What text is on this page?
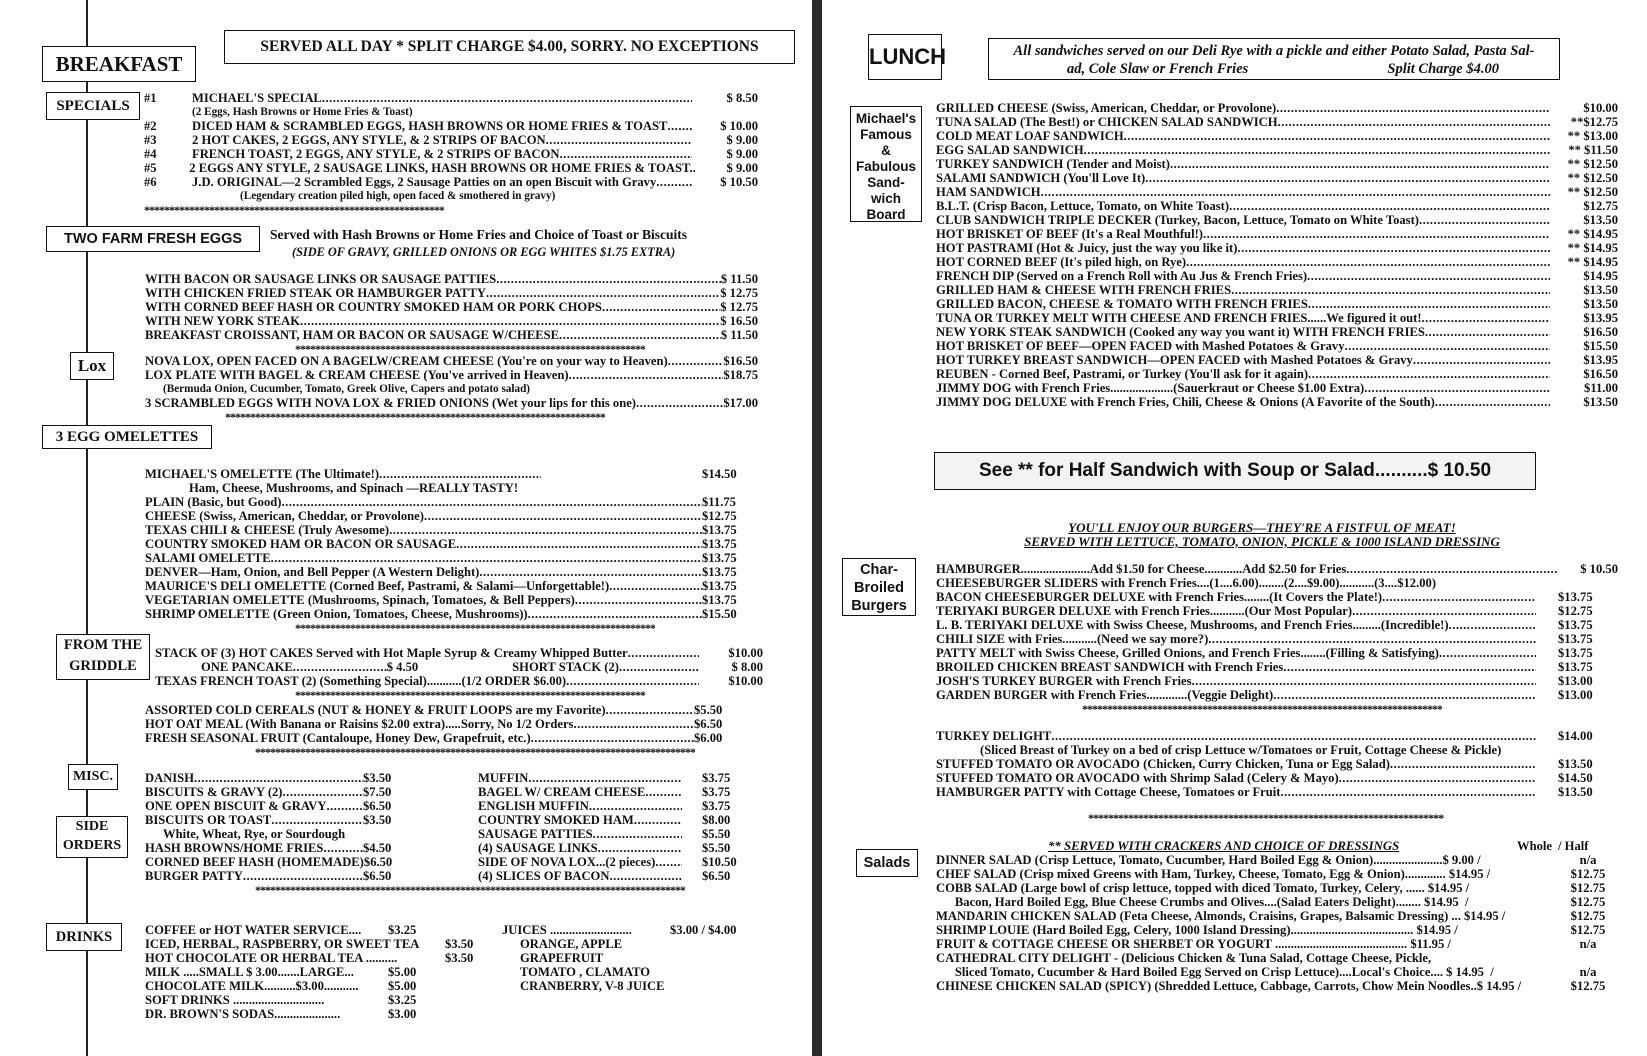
BREAKFAST
SERVED ALL DAY * SPLIT CHARGE $4.00, SORRY. NO EXCEPTIONS
SPECIALS	#1	MICHAEL'S SPECIAL .....	$ 8.50
(2 Eggs, Hash Browns or Home Fries & Toast)
#2	DICED HAM & SCRAMBLED EGGS, HASH BROWNS OR HOME FRIES & TOAST .....	$ 10.00
#3	2 HOT CAKES, 2 EGGS, ANY STYLE, & 2 STRIPS OF BACON .....	$ 9.00
#4	FRENCH TOAST, 2 EGGS, ANY STYLE, & 2 STRIPS OF BACON .....	$ 9.00
#5	2 EGGS ANY STYLE, 2 SAUSAGE LINKS, HASH BROWNS OR HOME FRIES & TOAST..	$ 9.00
#6	J.D. ORIGINAL—2 Scrambled Eggs, 2 Sausage Patties on an open Biscuit with Gravy .....	$ 10.50
(Legendary creation piled high, open faced & smothered in gravy)
*****
TWO FARM FRESH EGGS	Served with Hash Browns or Home Fries and Choice of Toast or Biscuits
(SIDE OF GRAVY, GRILLED ONIONS OR EGG WHITES $1.75 EXTRA)
WITH BACON OR SAUSAGE LINKS OR SAUSAGE PATTIES .....	$ 11.50
WITH CHICKEN FRIED STEAK OR HAMBURGER PATTY .....	$ 12.75
WITH CORNED BEEF HASH OR COUNTRY SMOKED HAM OR PORK CHOPS .....	$ 12.75
WITH NEW YORK STEAK .....	$ 16.50
BREAKFAST CROISSANT, HAM OR BACON OR SAUSAGE W/CHEESE .....	$ 11.50
*****
Lox	NOVA LOX, OPEN FACED ON A BAGELW/CREAM CHEESE (You're on your way to Heaven) .....	$16.50
LOX PLATE WITH BAGEL & CREAM CHEESE (You've arrived in Heaven) .....	$18.75
(Bermuda Onion, Cucumber, Tomato, Greek Olive, Capers and potato salad)
3 SCRAMBLED EGGS WITH NOVA LOX & FRIED ONIONS (Wet your lips for this one) .....	$17.00
*****
3 EGG OMELETTES
MICHAEL'S OMELETTE (The Ultimate!) .....	$14.50
Ham, Cheese, Mushrooms, and Spinach —REALLY TASTY!
PLAIN (Basic, but Good) .....	$11.75
CHEESE (Swiss, American, Cheddar, or Provolone) .....	$12.75
TEXAS CHILI & CHEESE (Truly Awesome) .....	$13.75
COUNTRY SMOKED HAM OR BACON OR SAUSAGE .....	$13.75
SALAMI OMELETTE .....	$13.75
DENVER—Ham, Onion, and Bell Pepper (A Western Delight) .....	$13.75
MAURICE'S DELI OMELETTE (Corned Beef, Pastrami, & Salami—Unforgettable!) .....	$13.75
VEGETARIAN OMELETTE (Mushrooms, Spinach, Tomatoes, & Bell Peppers) .....	$13.75
SHRIMP OMELETTE (Green Onion, Tomatoes, Cheese, Mushrooms)) .....	$15.50
*****
FROM THE
GRIDDLE
STACK OF (3) HOT CAKES Served with Hot Maple Syrup & Creamy Whipped Butter .....	$10.00
ONE PANCAKE .....	$ 4.50	SHORT STACK (2) .....	$ 8.00
TEXAS FRENCH TOAST (2) (Something Special)...........(1/2 ORDER $6.00) .....	$10.00
*****
ASSORTED COLD CEREALS (NUT & HONEY & FRUIT LOOPS are my Favorite) .....	$5.50
HOT OAT MEAL (With Banana or Raisins $2.00 extra).....Sorry, No 1/2 Orders .....	$6.50
FRESH SEASONAL FRUIT (Cantaloupe, Honey Dew, Grapefruit, etc.) .....	$6.00
*****
MISC.
SIDE
ORDERS
DANISH .....	$3.50
BISCUITS & GRAVY (2) .....	$7.50
ONE OPEN BISCUIT & GRAVY .....	$6.50
BISCUITS OR TOAST .....	$3.50
White, Wheat, Rye, or Sourdough
HASH BROWNS/HOME FRIES .....	$4.50
CORNED BEEF HASH (HOMEMADE) $6.50
BURGER PATTY .....	$6.50
MUFFIN .....	$3.75
BAGEL W/ CREAM CHEESE .....	$3.75
ENGLISH MUFFIN .....	$3.75
COUNTRY SMOKED HAM .....	$8.00
SAUSAGE PATTIES .....	$5.50
(4) SAUSAGE LINKS .....	$5.50
SIDE OF NOVA LOX...(2 pieces) .....	$10.50
(4) SLICES OF BACON .....	$6.50
*****
DRINKS	COFFEE or HOT WATER SERVICE....	$3.25
ICED, HERBAL, RASPBERRY, OR SWEET TEA	$3.50
HOT CHOCOLATE OR HERBAL TEA ..........	$3.50
MILK .....SMALL $ 3.00.......LARGE...	$5.00
CHOCOLATE MILK..........$3.00...........	$5.00
SOFT DRINKS .............................	$3.25
DR. BROWN'S SODAS.....................	$3.00
JUICES ..........................	$3.00 / $4.00
ORANGE, APPLE
GRAPEFRUIT
TOMATO , CLAMATO
CRANBERRY, V-8 JUICE
LUNCH	All sandwiches served on our Deli Rye with a pickle and either Potato Salad, Pasta Sal-
ad, Cole Slaw or French Fries	Split Charge $4.00
Michael's
Famous
&
Fabulous
Sand-
wich
Board
GRILLED CHEESE (Swiss, American, Cheddar, or Provolone) .....	$10.00
TUNA SALAD (The Best!) or CHICKEN SALAD SANDWICH .....	**$12.75
COLD MEAT LOAF SANDWICH .....	** $13.00
EGG SALAD SANDWICH .....	** $11.50
TURKEY SANDWICH (Tender and Moist) .....	** $12.50
SALAMI SANDWICH (You'll Love It) .....	** $12.50
HAM SANDWICH .....	** $12.50
B.L.T. (Crisp Bacon, Lettuce, Tomato, on White Toast) .....	$12.75
CLUB SANDWICH TRIPLE DECKER (Turkey, Bacon, Lettuce, Tomato on White Toast) .....	$13.50
HOT BRISKET OF BEEF (It's a Real Mouthful!) .....	** $14.95
HOT PASTRAMI (Hot & Juicy, just the way you like it) .....	** $14.95
HOT CORNED BEEF (It's piled high, on Rye) .....	** $14.95
FRENCH DIP (Served on a French Roll with Au Jus & French Fries) .....	$14.95
GRILLED HAM & CHEESE WITH FRENCH FRIES .....	$13.50
GRILLED BACON, CHEESE & TOMATO WITH FRENCH FRIES .....	$13.50
TUNA OR TURKEY MELT WITH CHEESE AND FRENCH FRIES......We figured it out! .....	$13.95
NEW YORK STEAK SANDWICH (Cooked any way you want it) WITH FRENCH FRIES .....	$16.50
HOT BRISKET OF BEEF—OPEN FACED with Mashed Potatoes & Gravy .....	$15.50
HOT TURKEY BREAST SANDWICH—OPEN FACED with Mashed Potatoes & Gravy .....	$13.95
REUBEN - Corned Beef, Pastrami, or Turkey (You'll ask for it again) .....	$16.50
JIMMY DOG with French Fries....................(Sauerkraut or Cheese $1.00 Extra) .....	$11.00
JIMMY DOG DELUXE with French Fries, Chili, Cheese & Onions (A Favorite of the South) .....	$13.50
See ** for Half Sandwich with Soup or Salad..........$ 10.50
YOU'LL ENJOY OUR BURGERS—THEY'RE A FISTFUL OF MEAT!
SERVED WITH LETTUCE, TOMATO, ONION, PICKLE & 1000 ISLAND DRESSING
Char-
Broiled
Burgers
HAMBURGER......................Add $1.50 for Cheese............Add $2.50 for Fries .....	$ 10.50
CHEESEBURGER SLIDERS with French Fries....(1....6.00)........(2....$9.00)...........(3....$12.00)
BACON CHEESEBURGER DELUXE with French Fries........(It Covers the Plate!) .....	$13.75
TERIYAKI BURGER DELUXE with French Fries...........(Our Most Popular) .....	$12.75
L. B. TERIYAKI DELUXE with Swiss Cheese, Mushrooms, and French Fries.........(Incredible!) .....	$13.75
CHILI SIZE with Fries...........(Need we say more?) .....	$13.75
PATTY MELT with Swiss Cheese, Grilled Onions, and French Fries........(Filling & Satisfying) .....	$13.75
BROILED CHICKEN BREAST SANDWICH with French Fries .....	$13.75
JOSH'S TURKEY BURGER with French Fries .....	$13.00
GARDEN BURGER with French Fries.............(Veggie Delight) .....	$13.00
*****
TURKEY DELIGHT .....	$14.00
(Sliced Breast of Turkey on a bed of crisp Lettuce w/Tomatoes or Fruit, Cottage Cheese & Pickle)
STUFFED TOMATO OR AVOCADO (Chicken, Curry Chicken, Tuna or Egg Salad) .....	$13.50
STUFFED TOMATO OR AVOCADO with Shrimp Salad (Celery & Mayo) .....	$14.50
HAMBURGER PATTY with Cottage Cheese, Tomatoes or Fruit .....	$13.50
*****
Salads
** SERVED WITH CRACKERS AND CHOICE OF DRESSINGS	Whole / Half
DINNER SALAD (Crisp Lettuce, Tomato, Cucumber, Hard Boiled Egg & Onion)......................$ 9.00 /	n/a
CHEF SALAD (Crisp mixed Greens with Ham, Turkey, Cheese, Tomato, Egg & Onion)............. $14.95 /	$12.75
COBB SALAD (Large bowl of crisp lettuce, topped with diced Tomato, Turkey, Celery, ...... $14.95 /	$12.75
Bacon, Hard Boiled Egg, Blue Cheese Crumbs and Olives....(Salad Eaters Delight)........ $14.95  /	$12.75
MANDARIN CHICKEN SALAD (Feta Cheese, Almonds, Craisins, Grapes, Balsamic Dressing) ... $14.95 /	$12.75
SHRIMP LOUIE (Hard Boiled Egg, Celery, 1000 Island Dressing)....................................... $14.95 /	$12.75
FRUIT & COTTAGE CHEESE OR SHERBET OR YOGURT .......................................... $11.95 /	n/a
CATHEDRAL CITY DELIGHT - (Delicious Chicken & Tuna Salad, Cottage Cheese, Pickle,
Sliced Tomato, Cucumber & Hard Boiled Egg Served on Crisp Lettuce)....Local's Choice.... $ 14.95  /	n/a
CHINESE CHICKEN SALAD (SPICY) (Shredded Lettuce, Cabbage, Carrots, Chow Mein Noodles..$ 14.95 /	$12.75
